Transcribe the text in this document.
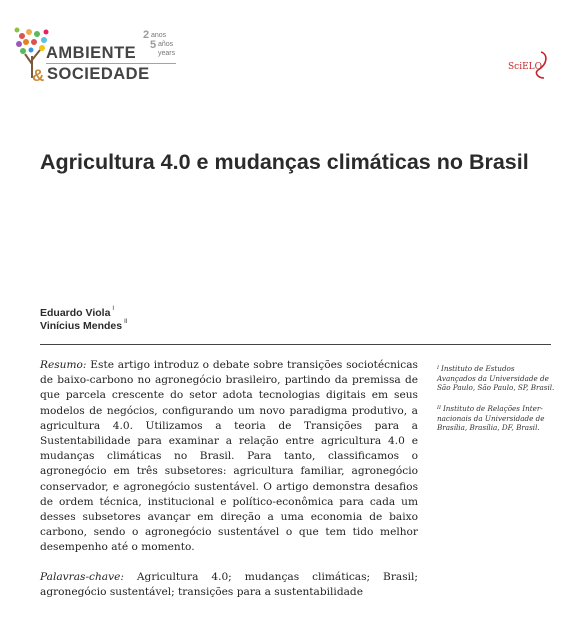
AMBIENTE
& SOCIEDADE
2
5
anos
años
years
SciELO
Agricultura 4.0 e mudanças climáticas no Brasil
Eduardo Viola $^I$
Vinícius Mendes $^{II}$
Resumo: Este artigo introduz o debate sobre transições sociotécnicas de baixo-carbono no agronegócio brasileiro, partindo da premissa de que parcela crescente do setor adota tecnologias digitais em seus modelos de negócios, configurando um novo paradigma produtivo, a agricultura 4.0. Utilizamos a teoria de Transições para a Sustentabilidade para examinar a relação entre agricultura 4.0 e mudanças climáticas no Brasil. Para tanto, classificamos o agronegócio em três subsetores: agricultura familiar, agronegócio conservador, e agronegócio sustentável. O artigo demonstra desafios de ordem técnica, institucional e político-econômica para cada um desses subsetores avançar em direção a uma economia de baixo carbono, sendo o agronegócio sustentável o que tem tido melhor desempenho até o momento.
Palavras-chave: Agricultura 4.0; mudanças climáticas; Brasil; agronegócio sustentável; transições para a sustentabilidade
$^I$ Instituto de Estudos Avançados da Universidade de São Paulo, São Paulo, SP, Brasil.
$^{II}$ Instituto de Relações Internacionais da Universidade de Brasília, Brasília, DF, Brasil.
